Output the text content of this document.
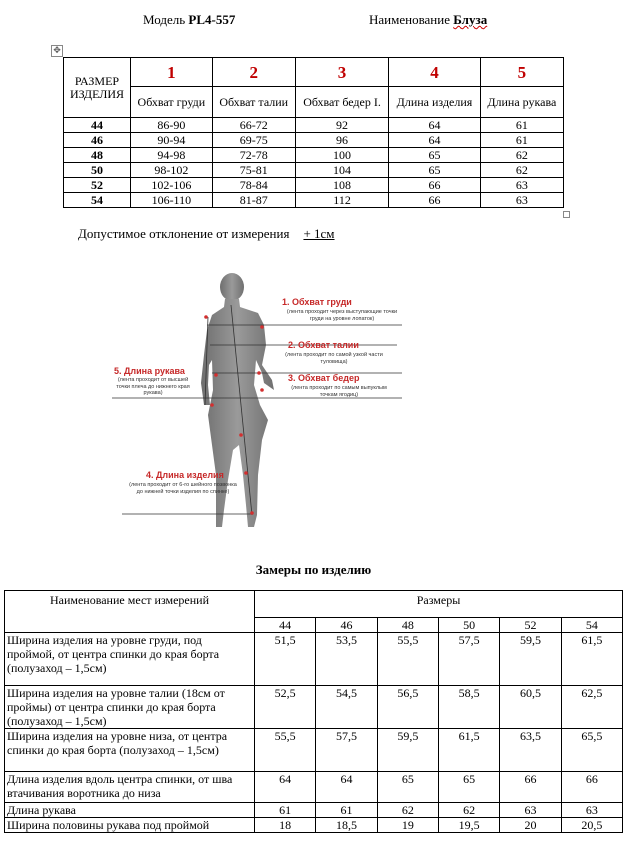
Модель PL4-557	Наименование Блуза
✥
РАЗМЕР ИЗДЕЛИЯ	1	2	3	4	5
	Обхват груди	Обхват талии	Обхват бедер I.	Длина изделия	Длина рукава
44	86-90	66-72	92	64	61
46	90-94	69-75	96	64	61
48	94-98	72-78	100	65	62
50	98-102	75-81	104	65	62
52	102-106	78-84	108	66	63
54	106-110	81-87	112	66	63
Допустимое отклонение от измерения + 1см
1. Обхват груди
(лента проходит через выступающие точки груди на уровне лопаток)
2. Обхват талии
(лента проходит по самой узкой части туловища)
3. Обхват бедер
(лента проходит по самым выпуклым точкам ягодиц)
4. Длина изделия
(лента проходит от 6-го шейного позвонка до нижней точки изделия по спинке)
5. Длина рукава
(лента проходит от высшей точки плеча до нижнего края рукава)
Замеры по изделию
Наименование мест измерений	Размеры					
	44	46	48	50	52	54
Ширина изделия на уровне груди, под проймой, от центра спинки до края борта (полузаход – 1,5см)	51,5	53,5	55,5	57,5	59,5	61,5
Ширина изделия на уровне талии (18см от проймы) от центра спинки до края борта (полузаход – 1,5см)	52,5	54,5	56,5	58,5	60,5	62,5
Ширина изделия на уровне низа, от центра спинки до края борта (полузаход – 1,5см)	55,5	57,5	59,5	61,5	63,5	65,5
Длина изделия вдоль центра спинки, от шва втачивания воротника до низа	64	64	65	65	66	66
Длина рукава	61	61	62	62	63	63
Ширина половины рукава под проймой	18	18,5	19	19,5	20	20,5
